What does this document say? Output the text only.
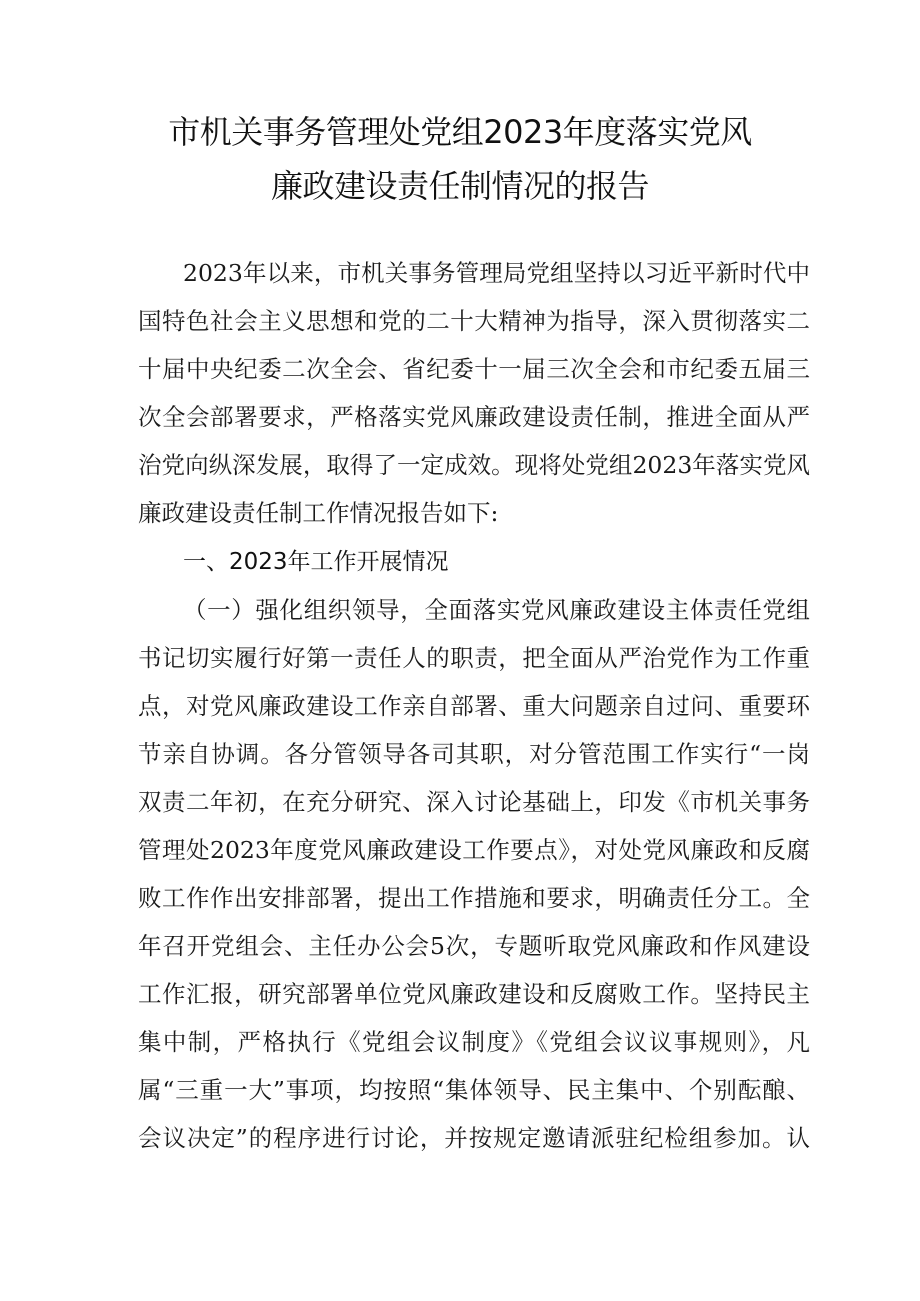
市机关事务管理处党组2023年度落实党风
廉政建设责任制情况的报告
2023年以来，市机关事务管理局党组坚持以习近平新时代中
国特色社会主义思想和党的二十大精神为指导，深入贯彻落实二
十届中央纪委二次全会、省纪委十一届三次全会和市纪委五届三
次全会部署要求，严格落实党风廉政建设责任制，推进全面从严
治党向纵深发展，取得了一定成效。现将处党组2023年落实党风
廉政建设责任制工作情况报告如下:
一、2023年工作开展情况
（一）强化组织领导，全面落实党风廉政建设主体责任党组
书记切实履行好第一责任人的职责，把全面从严治党作为工作重
点，对党风廉政建设工作亲自部署、重大问题亲自过问、重要环
节亲自协调。各分管领导各司其职，对分管范围工作实行“一岗
双责二年初，在充分研究、深入讨论基础上，印发《市机关事务
管理处2023年度党风廉政建设工作要点》，对处党风廉政和反腐
败工作作出安排部署，提出工作措施和要求，明确责任分工。全
年召开党组会、主任办公会5次，专题听取党风廉政和作风建设
工作汇报，研究部署单位党风廉政建设和反腐败工作。坚持民主
集中制，严格执行《党组会议制度》《党组会议议事规则》，凡
属“三重一大”事项，均按照“集体领导、民主集中、个别酝酿、
会议决定”的程序进行讨论，并按规定邀请派驻纪检组参加。认
